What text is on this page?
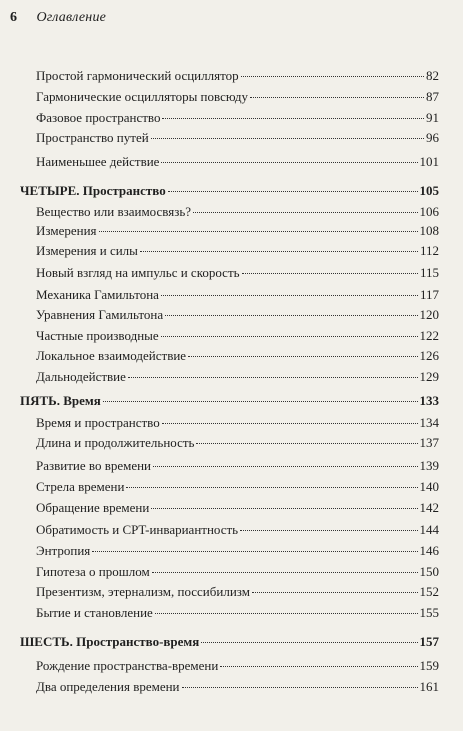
6 Оглавление
Простой гармонический осциллятор	82
Гармонические осцилляторы повсюду	87
Фазовое пространство	91
Пространство путей	96
Наименьшее действие	101
ЧЕТЫРЕ. Пространство	105
Вещество или взаимосвязь?	106
Измерения	108
Измерения и силы	112
Новый взгляд на импульс и скорость	115
Механика Гамильтона	117
Уравнения Гамильтона	120
Частные производные	122
Локальное взаимодействие	126
Дальнодействие	129
ПЯТЬ. Время	133
Время и пространство	134
Длина и продолжительность	137
Развитие во времени	139
Стрела времени	140
Обращение времени	142
Обратимость и CPT-инвариантность	144
Энтропия	146
Гипотеза о прошлом	150
Презентизм, этернализм, поссибилизм	152
Бытие и становление	155
ШЕСТЬ. Пространство-время	157
Рождение пространства-времени	159
Два определения времени	161
